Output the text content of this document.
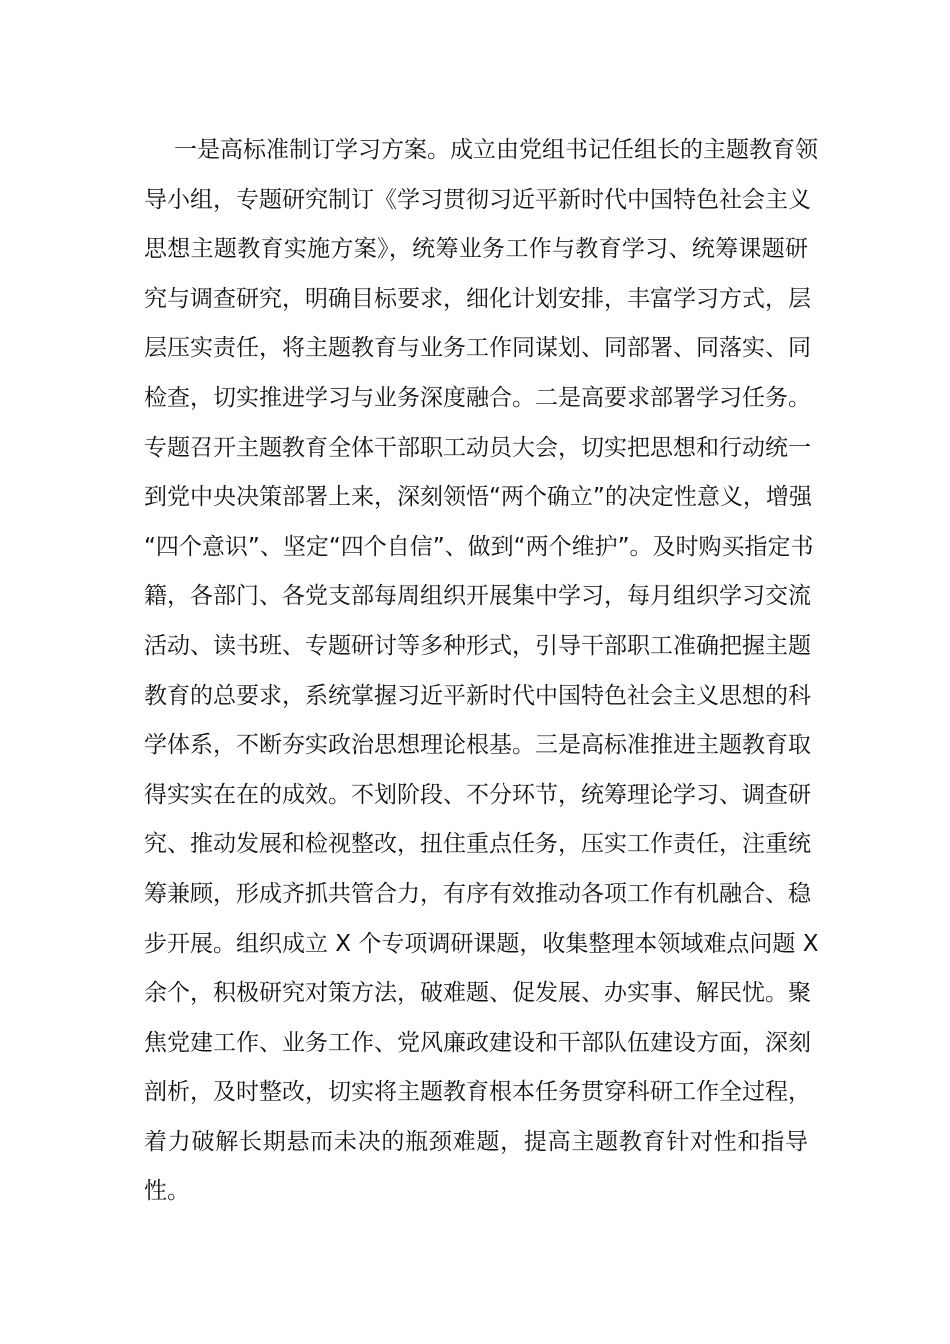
一是高标准制订学习方案。成立由党组书记任组长的主题教育领
导小组，专题研究制订《学习贯彻习近平新时代中国特色社会主义
思想主题教育实施方案》，统筹业务工作与教育学习、统筹课题研
究与调查研究，明确目标要求，细化计划安排，丰富学习方式，层
层压实责任，将主题教育与业务工作同谋划、同部署、同落实、同
检查，切实推进学习与业务深度融合。二是高要求部署学习任务。
专题召开主题教育全体干部职工动员大会，切实把思想和行动统一
到党中央决策部署上来，深刻领悟“两个确立”的决定性意义，增强
“四个意识”、坚定“四个自信”、做到“两个维护”。及时购买指定书
籍，各部门、各党支部每周组织开展集中学习，每月组织学习交流
活动、读书班、专题研讨等多种形式，引导干部职工准确把握主题
教育的总要求，系统掌握习近平新时代中国特色社会主义思想的科
学体系，不断夯实政治思想理论根基。三是高标准推进主题教育取
得实实在在的成效。不划阶段、不分环节，统筹理论学习、调查研
究、推动发展和检视整改，扭住重点任务，压实工作责任，注重统
筹兼顾，形成齐抓共管合力，有序有效推动各项工作有机融合、稳
步开展。组织成立 X 个专项调研课题，收集整理本领域难点问题 X
余个，积极研究对策方法，破难题、促发展、办实事、解民忧。聚
焦党建工作、业务工作、党风廉政建设和干部队伍建设方面，深刻
剖析，及时整改，切实将主题教育根本任务贯穿科研工作全过程，
着力破解长期悬而未决的瓶颈难题，提高主题教育针对性和指导
性。
